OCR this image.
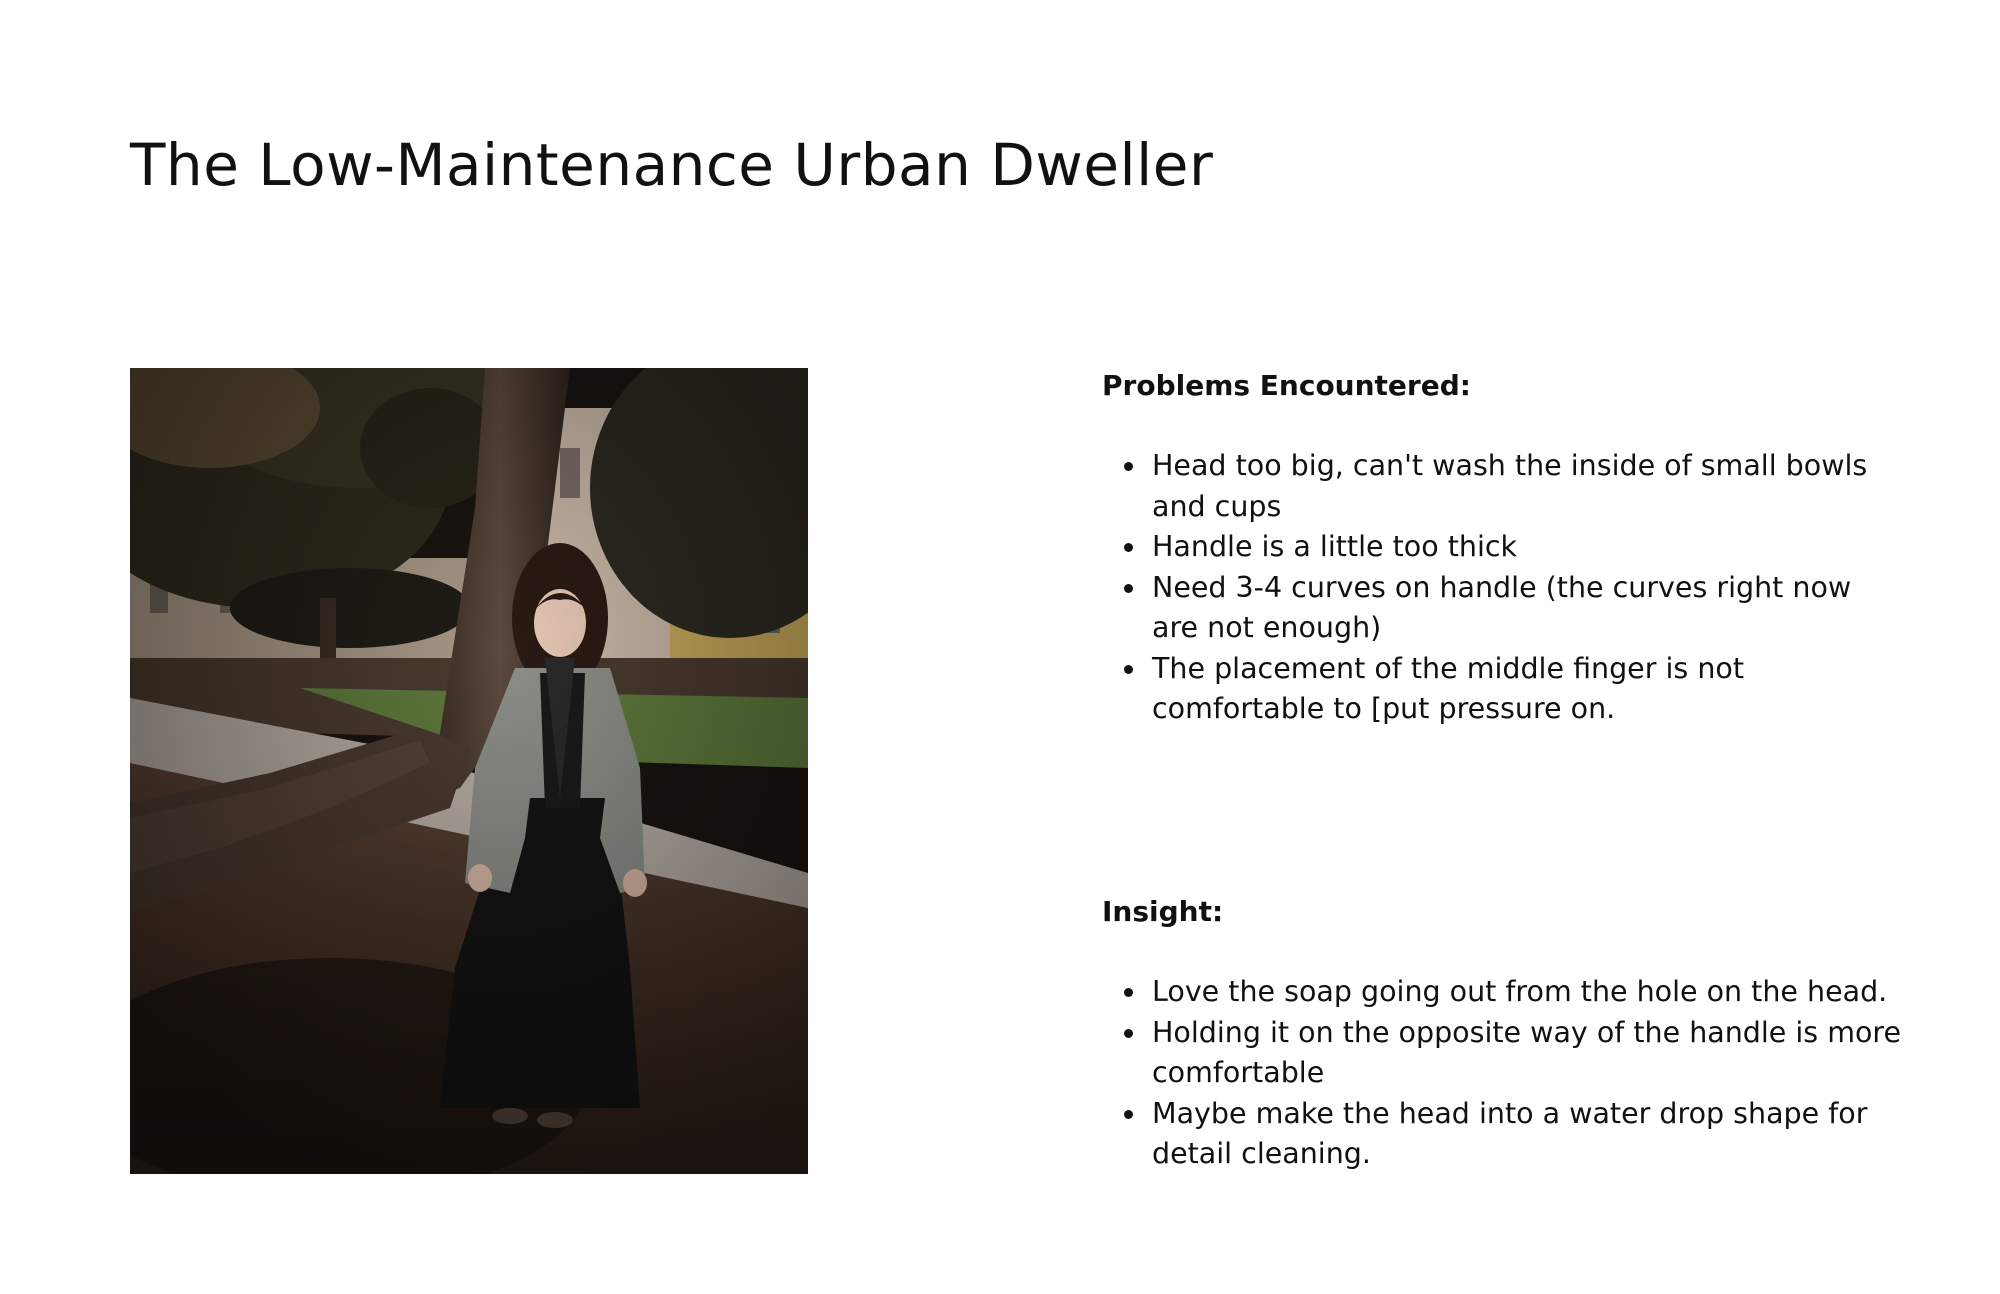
The Low-Maintenance Urban Dweller
Problems Encountered:
Head too big, can't wash the inside of small bowls and cups
Handle is a little too thick
Need 3-4 curves on handle (the curves right now are not enough)
The placement of the middle finger is not comfortable to [put pressure on.
Insight:
Love the soap going out from the hole on the head.
Holding it on the opposite way of the handle is more comfortable
Maybe make the head into a water drop shape for detail cleaning.
